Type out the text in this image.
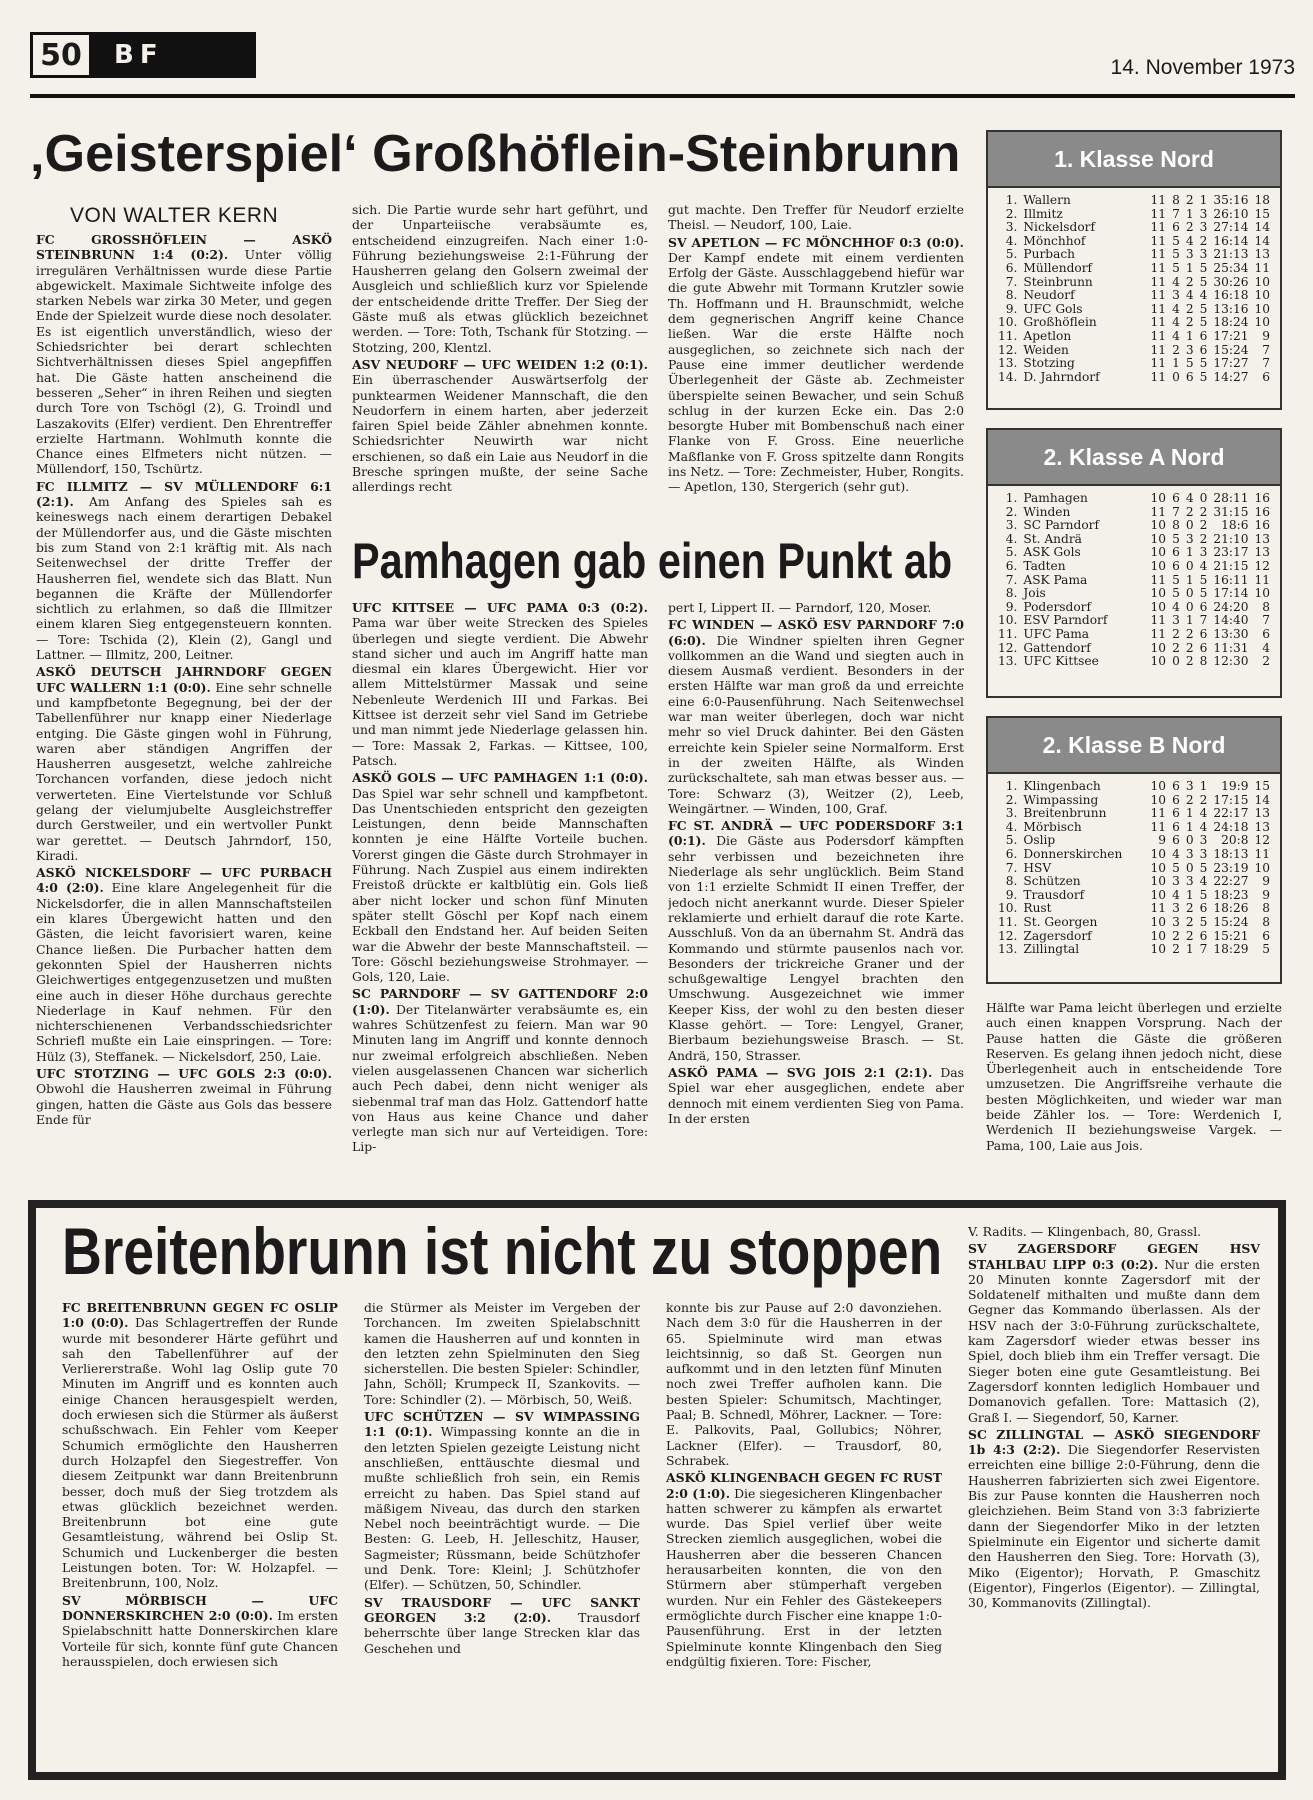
50	BF	14. November 1973
‚Geisterspiel‘ Großhöflein-Steinbrunn
VON WALTER KERN

FC GROSSHÖFLEIN — ASKÖ STEINBRUNN 1:4 (0:2). Unter völlig irregulären Verhältnissen wurde diese Partie abgewickelt. Maximale Sichtweite infolge des starken Nebels war zirka 30 Meter, und gegen Ende der Spielzeit wurde diese noch desolater. Es ist eigentlich unverständlich, wieso der Schiedsrichter bei derart schlechten Sichtverhältnissen dieses Spiel angepfiffen hat. Die Gäste hatten anscheinend die besseren „Seher“ in ihren Reihen und siegten durch Tore von Tschögl (2), G. Troindl und Laszakovits (Elfer) verdient. Den Ehrentreffer erzielte Hartmann. Wohlmuth konnte die Chance eines Elfmeters nicht nützen. — Müllendorf, 150, Tschürtz.

FC ILLMITZ — SV MÜLLENDORF 6:1 (2:1). Am Anfang des Spieles sah es keineswegs nach einem derartigen Debakel der Müllendorfer aus, und die Gäste mischten bis zum Stand von 2:1 kräftig mit. Als nach Seitenwechsel der dritte Treffer der Hausherren fiel, wendete sich das Blatt. Nun begannen die Kräfte der Müllendorfer sichtlich zu erlahmen, so daß die Illmitzer einem klaren Sieg entgegensteuern konnten. — Tore: Tschida (2), Klein (2), Gangl und Lattner. — Illmitz, 200, Leitner.

ASKÖ DEUTSCH JAHRNDORF GEGEN UFC WALLERN 1:1 (0:0). Eine sehr schnelle und kampfbetonte Begegnung, bei der der Tabellenführer nur knapp einer Niederlage entging. Die Gäste gingen wohl in Führung, waren aber ständigen Angriffen der Hausherren ausgesetzt, welche zahlreiche Torchancen vorfanden, diese jedoch nicht verwerteten. Eine Viertelstunde vor Schluß gelang der vielumjubelte Ausgleichstreffer durch Gerstweiler, und ein wertvoller Punkt war gerettet. — Deutsch Jahrndorf, 150, Kiradi.

ASKÖ NICKELSDORF — UFC PURBACH 4:0 (2:0). Eine klare Angelegenheit für die Nickelsdorfer, die in allen Mannschaftsteilen ein klares Übergewicht hatten und den Gästen, die leicht favorisiert waren, keine Chance ließen. Die Purbacher hatten dem gekonnten Spiel der Hausherren nichts Gleichwertiges entgegenzusetzen und mußten eine auch in dieser Höhe durchaus gerechte Niederlage in Kauf nehmen. Für den nichterschienenen Verbandsschiedsrichter Schriefl mußte ein Laie einspringen. — Tore: Hülz (3), Steffanek. — Nickelsdorf, 250, Laie.

UFC STOTZING — UFC GOLS 2:3 (0:0). Obwohl die Hausherren zweimal in Führung gingen, hatten die Gäste aus Gols das bessere Ende für

sich. Die Partie wurde sehr hart geführt, und der Unparteiische verabsäumte es, entscheidend einzugreifen. Nach einer 1:0-Führung beziehungsweise 2:1-Führung der Hausherren gelang den Golsern zweimal der Ausgleich und schließlich kurz vor Spielende der entscheidende dritte Treffer. Der Sieg der Gäste muß als etwas glücklich bezeichnet werden. — Tore: Toth, Tschank für Stotzing. — Stotzing, 200, Klentzl.

ASV NEUDORF — UFC WEIDEN 1:2 (0:1). Ein überraschender Auswärtserfolg der punktearmen Weidener Mannschaft, die den Neudorfern in einem harten, aber jederzeit fairen Spiel beide Zähler abnehmen konnte. Schiedsrichter Neuwirth war nicht erschienen, so daß ein Laie aus Neudorf in die Bresche springen mußte, der seine Sache allerdings recht

gut machte. Den Treffer für Neudorf erzielte Theisl. — Neudorf, 100, Laie.

SV APETLON — FC MÖNCHHOF 0:3 (0:0). Der Kampf endete mit einem verdienten Erfolg der Gäste. Ausschlaggebend hiefür war die gute Abwehr mit Tormann Krutzler sowie Th. Hoffmann und H. Braunschmidt, welche dem gegnerischen Angriff keine Chance ließen. War die erste Hälfte noch ausgeglichen, so zeichnete sich nach der Pause eine immer deutlicher werdende Überlegenheit der Gäste ab. Zechmeister überspielte seinen Bewacher, und sein Schuß schlug in der kurzen Ecke ein. Das 2:0 besorgte Huber mit Bombenschuß nach einer Flanke von F. Gross. Eine neuerliche Maßflanke von F. Gross spitzelte dann Rongits ins Netz. — Tore: Zechmeister, Huber, Rongits. — Apetlon, 130, Stergerich (sehr gut).

Pamhagen gab einen Punkt ab

UFC KITTSEE — UFC PAMA 0:3 (0:2). Pama war über weite Strecken des Spieles überlegen und siegte verdient. Die Abwehr stand sicher und auch im Angriff hatte man diesmal ein klares Übergewicht. Hier vor allem Mittelstürmer Massak und seine Nebenleute Werdenich III und Farkas. Bei Kittsee ist derzeit sehr viel Sand im Getriebe und man nimmt jede Niederlage gelassen hin. — Tore: Massak 2, Farkas. — Kittsee, 100, Patsch.

ASKÖ GOLS — UFC PAMHAGEN 1:1 (0:0). Das Spiel war sehr schnell und kampfbetont. Das Unentschieden entspricht den gezeigten Leistungen, denn beide Mannschaften konnten je eine Hälfte Vorteile buchen. Vorerst gingen die Gäste durch Strohmayer in Führung. Nach Zuspiel aus einem indirekten Freistoß drückte er kaltblütig ein. Gols ließ aber nicht locker und schon fünf Minuten später stellt Göschl per Kopf nach einem Eckball den Endstand her. Auf beiden Seiten war die Abwehr der beste Mannschaftsteil. — Tore: Göschl beziehungsweise Strohmayer. — Gols, 120, Laie.

SC PARNDORF — SV GATTENDORF 2:0 (1:0). Der Titelanwärter verabsäumte es, ein wahres Schützenfest zu feiern. Man war 90 Minuten lang im Angriff und konnte dennoch nur zweimal erfolgreich abschließen. Neben vielen ausgelassenen Chancen war sicherlich auch Pech dabei, denn nicht weniger als siebenmal traf man das Holz. Gattendorf hatte von Haus aus keine Chance und daher verlegte man sich nur auf Verteidigen. Tore: Lip-

pert I, Lippert II. — Parndorf, 120, Moser.

FC WINDEN — ASKÖ ESV PARNDORF 7:0 (6:0). Die Windner spielten ihren Gegner vollkommen an die Wand und siegten auch in diesem Ausmaß verdient. Besonders in der ersten Hälfte war man groß da und erreichte eine 6:0-Pausenführung. Nach Seitenwechsel war man weiter überlegen, doch war nicht mehr so viel Druck dahinter. Bei den Gästen erreichte kein Spieler seine Normalform. Erst in der zweiten Hälfte, als Winden zurückschaltete, sah man etwas besser aus. — Tore: Schwarz (3), Weitzer (2), Leeb, Weingärtner. — Winden, 100, Graf.

FC ST. ANDRÄ — UFC PODERSDORF 3:1 (0:1). Die Gäste aus Podersdorf kämpften sehr verbissen und bezeichneten ihre Niederlage als sehr unglücklich. Beim Stand von 1:1 erzielte Schmidt II einen Treffer, der jedoch nicht anerkannt wurde. Dieser Spieler reklamierte und erhielt darauf die rote Karte. Ausschluß. Von da an übernahm St. Andrä das Kommando und stürmte pausenlos nach vor. Besonders der trickreiche Graner und der schußgewaltige Lengyel brachten den Umschwung. Ausgezeichnet wie immer Keeper Kiss, der wohl zu den besten dieser Klasse gehört. — Tore: Lengyel, Graner, Bierbaum beziehungsweise Brasch. — St. Andrä, 150, Strasser.

ASKÖ PAMA — SVG JOIS 2:1 (2:1). Das Spiel war eher ausgeglichen, endete aber dennoch mit einem verdienten Sieg von Pama. In der ersten

Hälfte war Pama leicht überlegen und erzielte auch einen knappen Vorsprung. Nach der Pause hatten die Gäste die größeren Reserven. Es gelang ihnen jedoch nicht, diese Überlegenheit auch in entscheidende Tore umzusetzen. Die Angriffsreihe verhaute die besten Möglichkeiten, und wieder war man beide Zähler los. — Tore: Werdenich I, Werdenich II beziehungsweise Vargek. — Pama, 100, Laie aus Jois.

1. Klasse Nord
1.	Wallern	11	8	2	1	35:16	18
2.	Illmitz	11	7	1	3	26:10	15
3.	Nickelsdorf	11	6	2	3	27:14	14
4.	Mönchhof	11	5	4	2	16:14	14
5.	Purbach	11	5	3	3	21:13	13
6.	Müllendorf	11	5	1	5	25:34	11
7.	Steinbrunn	11	4	2	5	30:26	10
8.	Neudorf	11	3	4	4	16:18	10
9.	UFC Gols	11	4	2	5	13:16	10
10.	Großhöflein	11	4	2	5	18:24	10
11.	Apetlon	11	4	1	6	17:21	9
12.	Weiden	11	2	3	6	15:24	7
13.	Stotzing	11	1	5	5	17:27	7
14.	D. Jahrndorf	11	0	6	5	14:27	6
2. Klasse A Nord
1.	Pamhagen	10	6	4	0	28:11	16
2.	Winden	11	7	2	2	31:15	16
3.	SC Parndorf	10	8	0	2	18:6	16
4.	St. Andrä	10	5	3	2	21:10	13
5.	ASK Gols	10	6	1	3	23:17	13
6.	Tadten	10	6	0	4	21:15	12
7.	ASK Pama	11	5	1	5	16:11	11
8.	Jois	10	5	0	5	17:14	10
9.	Podersdorf	10	4	0	6	24:20	8
10.	ESV Parndorf	11	3	1	7	14:40	7
11.	UFC Pama	11	2	2	6	13:30	6
12.	Gattendorf	10	2	2	6	11:31	4
13.	UFC Kittsee	10	0	2	8	12:30	2
2. Klasse B Nord
1.	Klingenbach	10	6	3	1	19:9	15
2.	Wimpassing	10	6	2	2	17:15	14
3.	Breitenbrunn	11	6	1	4	22:17	13
4.	Mörbisch	11	6	1	4	24:18	13
5.	Oslip	9	6	0	3	20:8	12
6.	Donnerskirchen	10	4	3	3	18:13	11
7.	HSV	10	5	0	5	23:19	10
8.	Schützen	10	3	3	4	22:27	9
9.	Trausdorf	10	4	1	5	18:23	9
10.	Rust	11	3	2	6	18:26	8
11.	St. Georgen	10	3	2	5	15:24	8
12.	Zagersdorf	10	2	2	6	15:21	6
13.	Zillingtal	10	2	1	7	18:29	5
Breitenbrunn ist nicht zu stoppen

FC BREITENBRUNN GEGEN FC OSLIP 1:0 (0:0). Das Schlagertreffen der Runde wurde mit besonderer Härte geführt und sah den Tabellenführer auf der Verliererstraße. Wohl lag Oslip gute 70 Minuten im Angriff und es konnten auch einige Chancen herausgespielt werden, doch erwiesen sich die Stürmer als äußerst schußschwach. Ein Fehler vom Keeper Schumich ermöglichte den Hausherren durch Holzapfel den Siegestreffer. Von diesem Zeitpunkt war dann Breitenbrunn besser, doch muß der Sieg trotzdem als etwas glücklich bezeichnet werden. Breitenbrunn bot eine gute Gesamtleistung, während bei Oslip St. Schumich und Luckenberger die besten Leistungen boten. Tor: W. Holzapfel. — Breitenbrunn, 100, Nolz.

SV MÖRBISCH — UFC DONNERSKIRCHEN 2:0 (0:0). Im ersten Spielabschnitt hatte Donnerskirchen klare Vorteile für sich, konnte fünf gute Chancen herausspielen, doch erwiesen sich

die Stürmer als Meister im Vergeben der Torchancen. Im zweiten Spielabschnitt kamen die Hausherren auf und konnten in den letzten zehn Spielminuten den Sieg sicherstellen. Die besten Spieler: Schindler, Jahn, Schöll; Krumpeck II, Szankovits. — Tore: Schindler (2). — Mörbisch, 50, Weiß.

UFC SCHÜTZEN — SV WIMPASSING 1:1 (0:1). Wimpassing konnte an die in den letzten Spielen gezeigte Leistung nicht anschließen, enttäuschte diesmal und mußte schließlich froh sein, ein Remis erreicht zu haben. Das Spiel stand auf mäßigem Niveau, das durch den starken Nebel noch beeinträchtigt wurde. — Die Besten: G. Leeb, H. Jelleschitz, Hauser, Sagmeister; Rüssmann, beide Schützhofer und Denk. Tore: Kleinl; J. Schützhofer (Elfer). — Schützen, 50, Schindler.

SV TRAUSDORF — UFC SANKT GEORGEN 3:2 (2:0). Trausdorf beherrschte über lange Strecken klar das Geschehen und

konnte bis zur Pause auf 2:0 davonziehen. Nach dem 3:0 für die Hausherren in der 65. Spielminute wird man etwas leichtsinnig, so daß St. Georgen nun aufkommt und in den letzten fünf Minuten noch zwei Treffer aufholen kann. Die besten Spieler: Schumitsch, Machtinger, Paal; B. Schnedl, Möhrer, Lackner. — Tore: E. Palkovits, Paal, Gollubics; Nöhrer, Lackner (Elfer). — Trausdorf, 80, Schrabek.

ASKÖ KLINGENBACH GEGEN FC RUST 2:0 (1:0). Die siegesicheren Klingenbacher hatten schwerer zu kämpfen als erwartet wurde. Das Spiel verlief über weite Strecken ziemlich ausgeglichen, wobei die Hausherren aber die besseren Chancen herausarbeiten konnten, die von den Stürmern aber stümperhaft vergeben wurden. Nur ein Fehler des Gästekeepers ermöglichte durch Fischer eine knappe 1:0-Pausenführung. Erst in der letzten Spielminute konnte Klingenbach den Sieg endgültig fixieren. Tore: Fischer,

V. Radits. — Klingenbach, 80, Grassl.

SV ZAGERSDORF GEGEN HSV STAHLBAU LIPP 0:3 (0:2). Nur die ersten 20 Minuten konnte Zagersdorf mit der Soldatenelf mithalten und mußte dann dem Gegner das Kommando überlassen. Als der HSV nach der 3:0-Führung zurückschaltete, kam Zagersdorf wieder etwas besser ins Spiel, doch blieb ihm ein Treffer versagt. Die Sieger boten eine gute Gesamtleistung. Bei Zagersdorf konnten lediglich Hombauer und Domanovich gefallen. Tore: Mattasich (2), Graß I. — Siegendorf, 50, Karner.

SC ZILLINGTAL — ASKÖ SIEGENDORF 1b 4:3 (2:2). Die Siegendorfer Reservisten erreichten eine billige 2:0-Führung, denn die Hausherren fabrizierten sich zwei Eigentore. Bis zur Pause konnten die Hausherren noch gleichziehen. Beim Stand von 3:3 fabrizierte dann der Siegendorfer Miko in der letzten Spielminute ein Eigentor und sicherte damit den Hausherren den Sieg. Tore: Horvath (3), Miko (Eigentor); Horvath, P. Gmaschitz (Eigentor), Fingerlos (Eigentor). — Zillingtal, 30, Kommanovits (Zillingtal).
